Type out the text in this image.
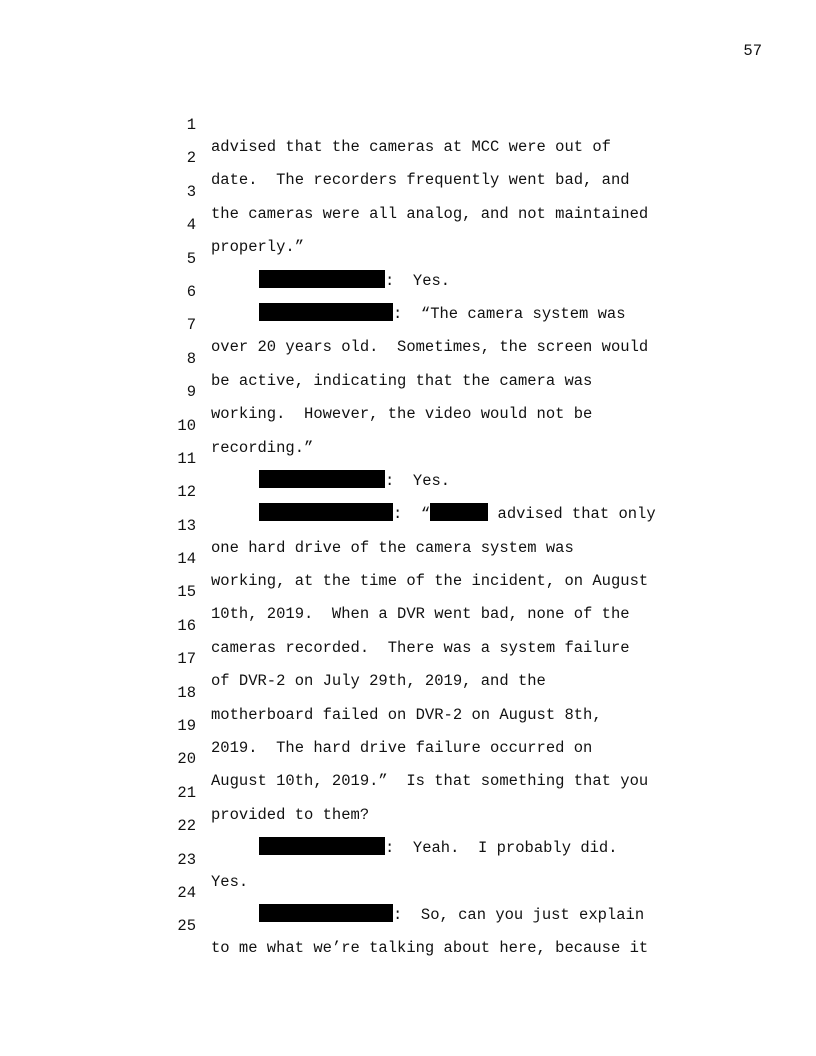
57

1

advised that the cameras at MCC were out of

2

date.  The recorders frequently went bad, and

3

the cameras were all analog, and not maintained

4

properly.”

5

:  Yes.

6

:  “The camera system was

7

over 20 years old.  Sometimes, the screen would

8

be active, indicating that the camera was

9

working.  However, the video would not be

10

recording.”

11

:  Yes.

12

:  “	advised that only

13

one hard drive of the camera system was

14

working, at the time of the incident, on August

15

10th, 2019.  When a DVR went bad, none of the

16

cameras recorded.  There was a system failure

17

of DVR-2 on July 29th, 2019, and the

18

motherboard failed on DVR-2 on August 8th,

19

2019.  The hard drive failure occurred on

20

August 10th, 2019.”  Is that something that you

21

provided to them?

22

:  Yeah.  I probably did.

23

Yes.

24

:  So, can you just explain

25

to me what we’re talking about here, because it
